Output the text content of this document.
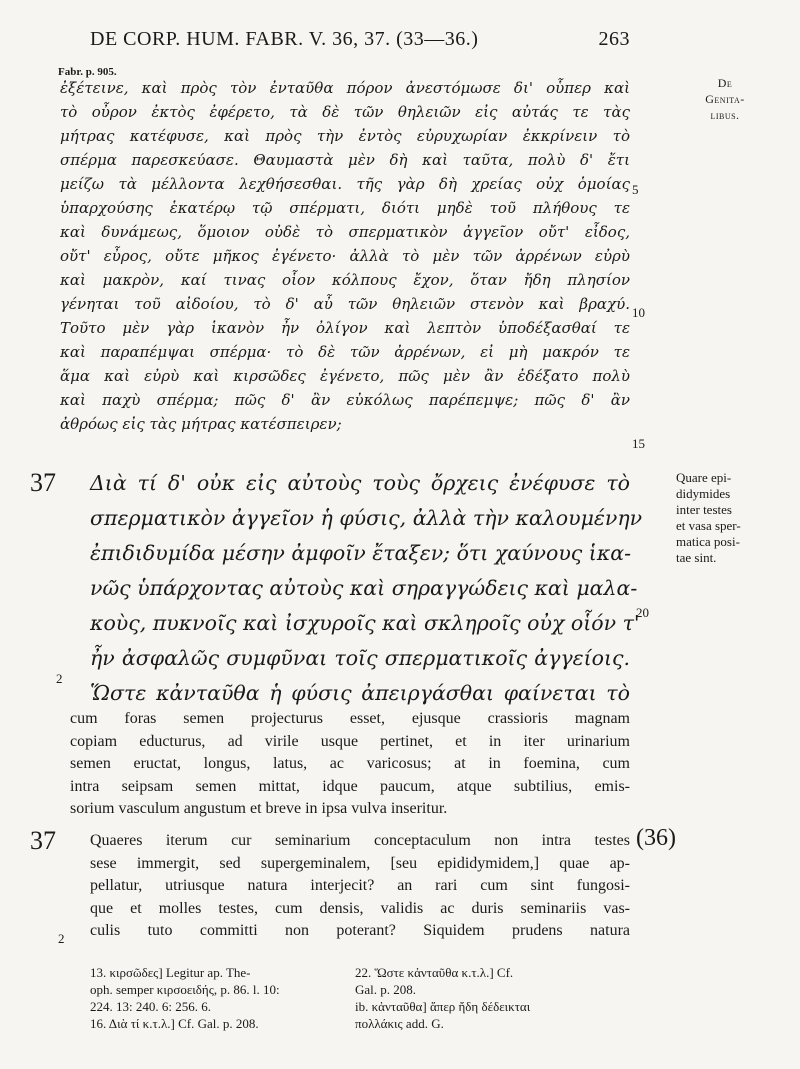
DE CORP. HUM. FABR. V. 36, 37. (33—36.)	263
Fabr. p. 905.
De
Genita-
libus.
ἐξέτεινε, καὶ πρὸς τὸν ἐνταῦθα πόρον ἀνεστόμωσε δι' οὗπερ καὶ
τὸ οὖρον ἐκτὸς ἐφέρετο, τὰ δὲ τῶν θηλειῶν εἰς αὐτάς τε τὰς
μήτρας κατέφυσε, καὶ πρὸς τὴν ἐντὸς εὐρυχωρίαν ἐκκρίνειν τὸ
σπέρμα παρεσκεύασε. Θαυμαστὰ μὲν δὴ καὶ ταῦτα, πολὺ δ' ἔτι
μείζω τὰ μέλλοντα λεχθήσεσθαι. τῆς γὰρ δὴ χρείας οὐχ ὁμοίας
ὑπαρχούσης ἑκατέρῳ τῷ σπέρματι, διότι μηδὲ τοῦ πλήθους τε
καὶ δυνάμεως, ὅμοιον οὐδὲ τὸ σπερματικὸν ἀγγεῖον οὔτ' εἶδος,
οὔτ' εὖρος, οὔτε μῆκος ἐγένετο· ἀλλὰ τὸ μὲν τῶν ἀρρένων εὐρὺ
καὶ μακρὸν, καί τινας οἷον κόλπους ἔχον, ὅταν ἤδη πλησίον
γένηται τοῦ αἰδοίου, τὸ δ' αὖ τῶν θηλειῶν στενὸν καὶ βραχύ.
Τοῦτο μὲν γὰρ ἱκανὸν ἦν ὀλίγον καὶ λεπτὸν ὑποδέξασθαί τε
καὶ παραπέμψαι σπέρμα· τὸ δὲ τῶν ἀρρένων, εἰ μὴ μακρόν τε
ἅμα καὶ εὐρὺ καὶ κιρσῶδες ἐγένετο, πῶς μὲν ἂν ἐδέξατο πολὺ
καὶ παχὺ σπέρμα; πῶς δ' ἂν εὐκόλως παρέπεμψε; πῶς δ' ἂν
ἀθρόως εἰς τὰς μήτρας κατέσπειρεν;
5
10
15
20
37
2
Διὰ τί δ' οὐκ εἰς αὐτοὺς τοὺς ὄρχεις ἐνέφυσε τὸ
σπερματικὸν ἀγγεῖον ἡ φύσις, ἀλλὰ τὴν καλουμένην
ἐπιδιδυμίδα μέσην ἀμφοῖν ἔταξεν; ὅτι χαύνους ἱκα-
νῶς ὑπάρχοντας αὐτοὺς καὶ σηραγγώδεις καὶ μαλα-
κοὺς, πυκνοῖς καὶ ἰσχυροῖς καὶ σκληροῖς οὐχ οἷόν τ'
ἦν ἀσφαλῶς συμφῦναι τοῖς σπερματικοῖς ἀγγείοις.
Ὥστε κἀνταῦθα ἡ φύσις ἀπειργάσθαι φαίνεται τὸ
Quare epi-
didymides
inter testes
et vasa sper-
matica posi-
tae sint.
cum foras semen projecturus esset, ejusque crassioris magnam
copiam educturus, ad virile usque pertinet, et in iter urinarium
semen eructat, longus, latus, ac varicosus; at in foemina, cum
intra seipsam semen mittat, idque paucum, atque subtilius, emis-
sorium vasculum angustum et breve in ipsa vulva inseritur.
37	(36)
2
Quaeres iterum cur seminarium conceptaculum non intra testes
sese immergit, sed supergeminalem, [seu epididymidem,] quae ap-
pellatur, utriusque natura interjecit? an rari cum sint fungosi-
que et molles testes, cum densis, validis ac duris seminariis vas-
culis tuto committi non poterant? Siquidem prudens natura
13. κιρσῶδες] Legitur ap. The-
oph. semper κιρσοειδής, p. 86. l. 10:
224. 13: 240. 6: 256. 6.
16. Διὰ τί κ.τ.λ.] Cf. Gal. p. 208.
22. Ὥστε κἀνταῦθα κ.τ.λ.] Cf.
Gal. p. 208.
ib. κἀνταῦθα] ἅπερ ἤδη δέδεικται
πολλάκις add. G.
